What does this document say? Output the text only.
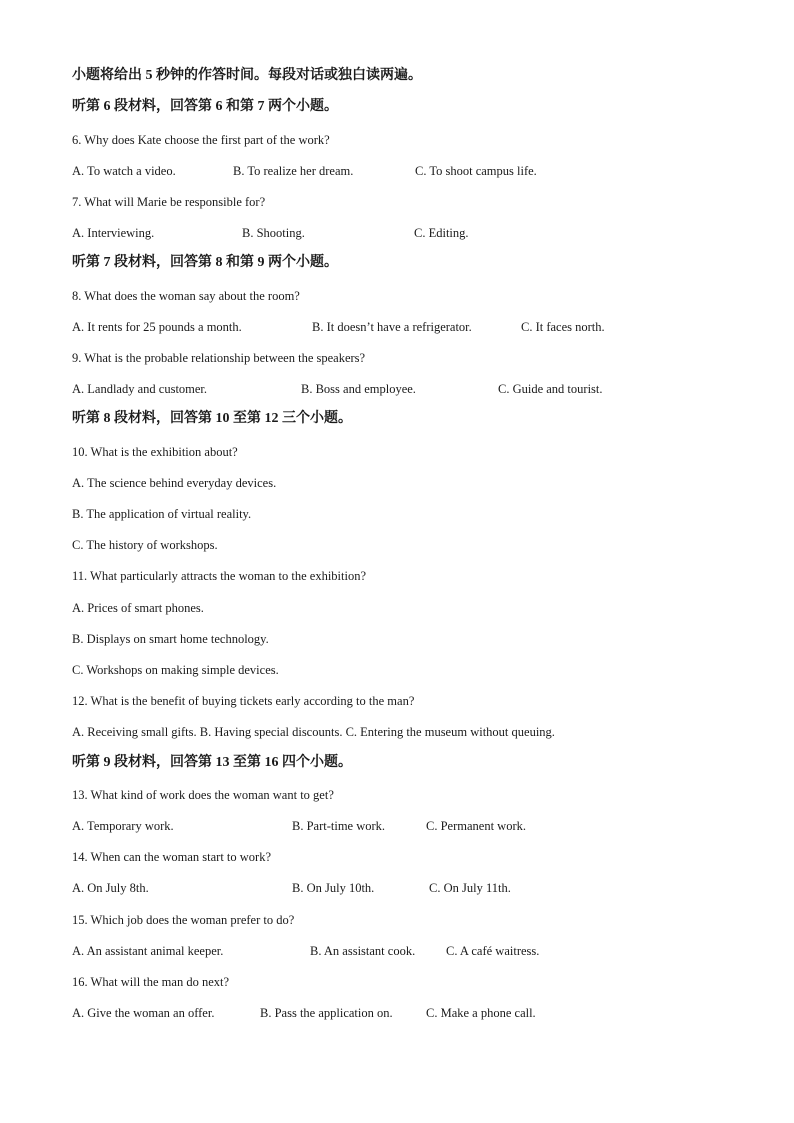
小题将给出 5 秒钟的作答时间。每段对话或独白读两遍。
听第 6 段材料，回答第 6 和第 7 两个小题。
6. Why does Kate choose the first part of the work?
A. To watch a video.	B. To realize her dream.	C. To shoot campus life.
7. What will Marie be responsible for?
A. Interviewing.	B. Shooting.	C. Editing.
听第 7 段材料，回答第 8 和第 9 两个小题。
8. What does the woman say about the room?
A. It rents for 25 pounds a month.	B. It doesn’t have a refrigerator.	C. It faces north.
9. What is the probable relationship between the speakers?
A. Landlady and customer.	B. Boss and employee.	C. Guide and tourist.
听第 8 段材料，回答第 10 至第 12 三个小题。
10. What is the exhibition about?
A. The science behind everyday devices.
B. The application of virtual reality.
C. The history of workshops.
11. What particularly attracts the woman to the exhibition?
A. Prices of smart phones.
B. Displays on smart home technology.
C. Workshops on making simple devices.
12. What is the benefit of buying tickets early according to the man?
A. Receiving small gifts. B. Having special discounts. C. Entering the museum without queuing.
听第 9 段材料，回答第 13 至第 16 四个小题。
13. What kind of work does the woman want to get?
A. Temporary work.	B. Part-time work.	C. Permanent work.
14. When can the woman start to work?
A. On July 8th.	B. On July 10th.	C. On July 11th.
15. Which job does the woman prefer to do?
A. An assistant animal keeper.	B. An assistant cook. C. A café waitress.
16. What will the man do next?
A. Give the woman an offer.	B. Pass the application on.	C. Make a phone call.
